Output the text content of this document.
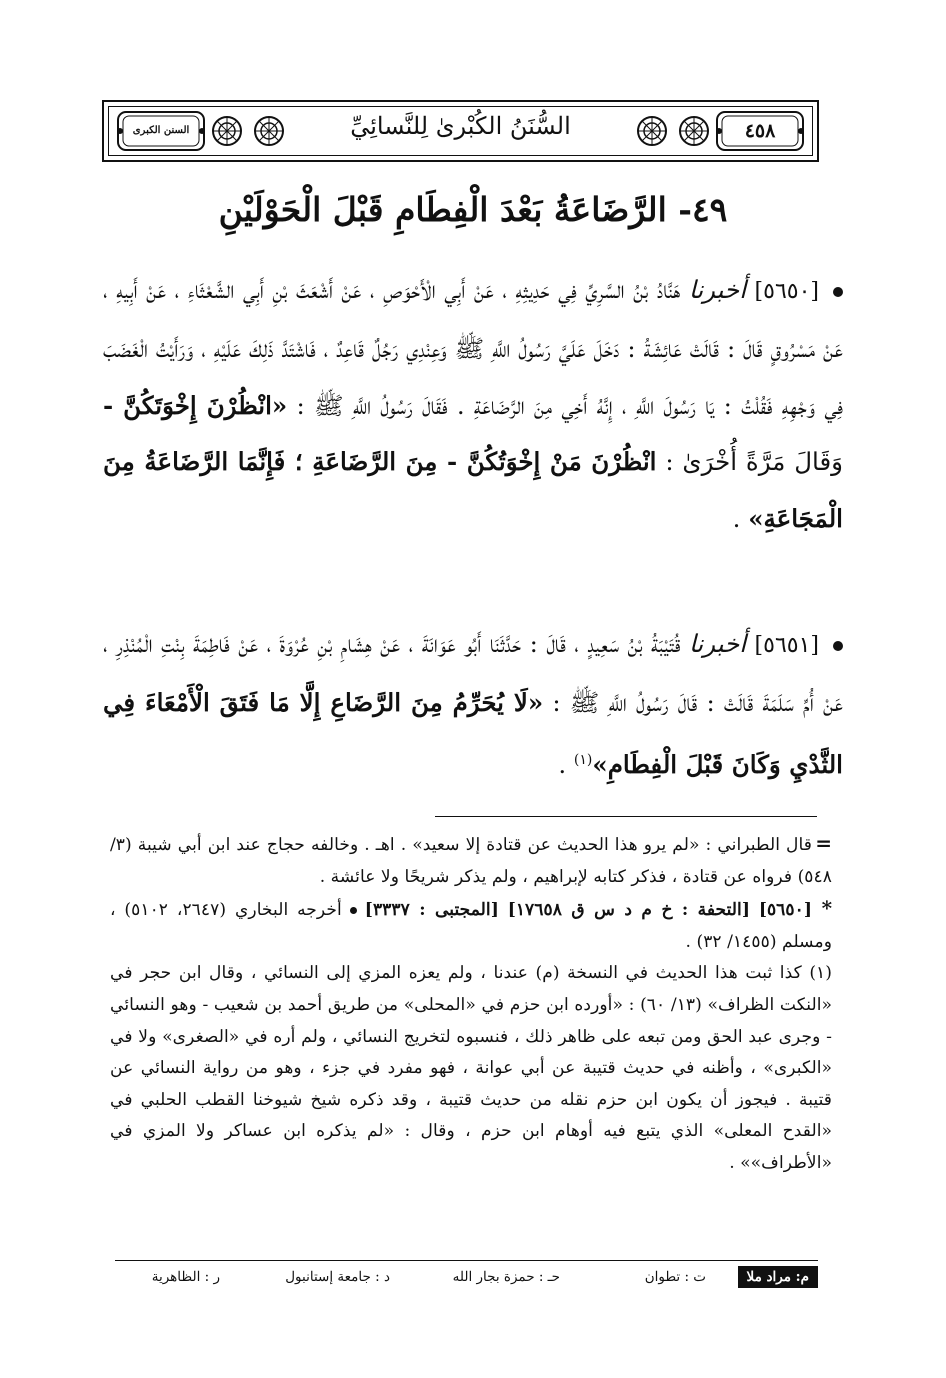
السنن الكبرى	السُّنَنُ الكُبْرىٰ لِلنَّسائِيِّ	٤٥٨
٤٩- الرَّضَاعَةُ بَعْدَ الْفِطَامِ قَبْلَ الْحَوْلَيْنِ

[٥٦٥٠] أخبرنا هَنَّادُ بْنُ السَّرِيِّ فِي حَدِيثِهِ ، عَنْ أَبِي الْأَحْوَصِ ، عَنْ أَشْعَثَ بْنِ أَبِي الشَّعْثَاءِ ، عَنْ أَبِيهِ ، عَنْ مَسْرُوقٍ قَالَ : قَالَتْ عَائِشَةُ : دَخَلَ عَلَيَّ رَسُولُ اللَّهِ ﷺ وَعِنْدِي رَجُلٌ قَاعِدٌ ، فَاشْتَدَّ ذَلِكَ عَلَيْهِ ، وَرَأَيْتُ الْغَضَبَ فِي وَجْهِهِ فَقُلْتُ : يَا رَسُولَ اللَّهِ ، إِنَّهُ أَخِي مِنَ الرَّضَاعَةِ . فَقَالَ رَسُولُ اللَّهِ ﷺ : «انْظُرْنَ إِخْوَتَكُنَّ - وَقَالَ مَرَّةً أُخْرَىٰ : انْظُرْنَ مَنْ إِخْوَتُكُنَّ - مِنَ الرَّضَاعَةِ ؛ فَإِنَّمَا الرَّضَاعَةُ مِنَ الْمَجَاعَةِ» .

[٥٦٥١] أخبرنا قُتَيْبَةُ بْنُ سَعِيدٍ ، قَالَ : حَدَّثَنَا أَبُو عَوَانَةَ ، عَنْ هِشَامِ بْنِ عُرْوَةَ ، عَنْ فَاطِمَةَ بِنْتِ الْمُنْذِرِ ، عَنْ أُمِّ سَلَمَةَ قَالَتْ : قَالَ رَسُولُ اللَّهِ ﷺ : «لَا يُحَرِّمُ مِنَ الرَّضَاعِ إِلَّا مَا فَتَقَ الْأَمْعَاءَ فِي الثَّدْيِ وَكَانَ قَبْلَ الْفِطَامِ»$^{(١)}$ .

=قال الطبراني : «لم يرو هذا الحديث عن قتادة إلا سعيد» . اهـ . وخالفه حجاج عند ابن أبي شيبة (٣/ ٥٤٨) فرواه عن قتادة ، فذكر كتابه لإبراهيم ، ولم يذكر شريحًا ولا عائشة .

*[٥٦٥٠] [التحفة : خ م د س ق ١٧٦٥٨] [المجتبى : ٣٣٣٧]أخرجه البخاري (٢٦٤٧، ٥١٠٢) ، ومسلم (١٤٥٥/ ٣٢) .

(١) كذا ثبت هذا الحديث في النسخة (م) عندنا ، ولم يعزه المزي إلى النسائي ، وقال ابن حجر في «النكت الظراف» (١٣/ ٦٠) : «أورده ابن حزم في «المحلى» من طريق أحمد بن شعيب - وهو النسائي - وجرى عبد الحق ومن تبعه على ظاهر ذلك ، فنسبوه لتخريج النسائي ، ولم أره في «الصغرى» ولا في «الكبرى» ، وأظنه في حديث قتيبة عن أبي عوانة ، فهو مفرد في جزء ، وهو من رواية النسائي عن قتيبة . فيجوز أن يكون ابن حزم نقله من حديث قتيبة ، وقد ذكره شيخ شيوخنا القطب الحلبي في «القدح المعلى» الذي يتبع فيه أوهام ابن حزم ، وقال : «لم يذكره ابن عساكر ولا المزي في «الأطراف»» .

م: مراد ملا
ت : تطوان
حـ : حمزة بجار الله
د : جامعة إستانبول
ر : الظاهرية
